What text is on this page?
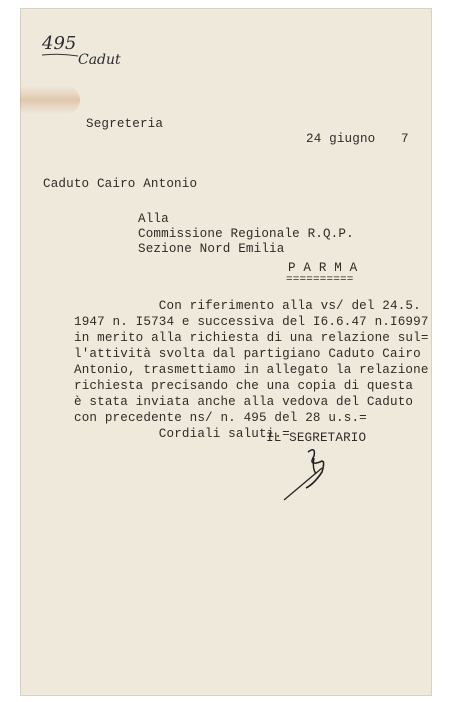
495
Cadut
Segreteria
24 giugno 7
Caduto Cairo Antonio
Alla
Commissione Regionale R.Q.P.
Sezione Nord Emilia
P A R M A
==========
Con riferimento alla vs/ del 24.5.
1947 n. I5734 e successiva del I6.6.47 n.I6997
in merito alla richiesta di una relazione sul=
l'attività svolta dal partigiano Caduto Cairo
Antonio, trasmettiamo in allegato la relazione
richiesta precisando che una copia di questa
è stata inviata anche alla vedova del Caduto
con precedente ns/ n. 495 del 28 u.s.=
Cordiali saluti.=
IL SEGRETARIO
